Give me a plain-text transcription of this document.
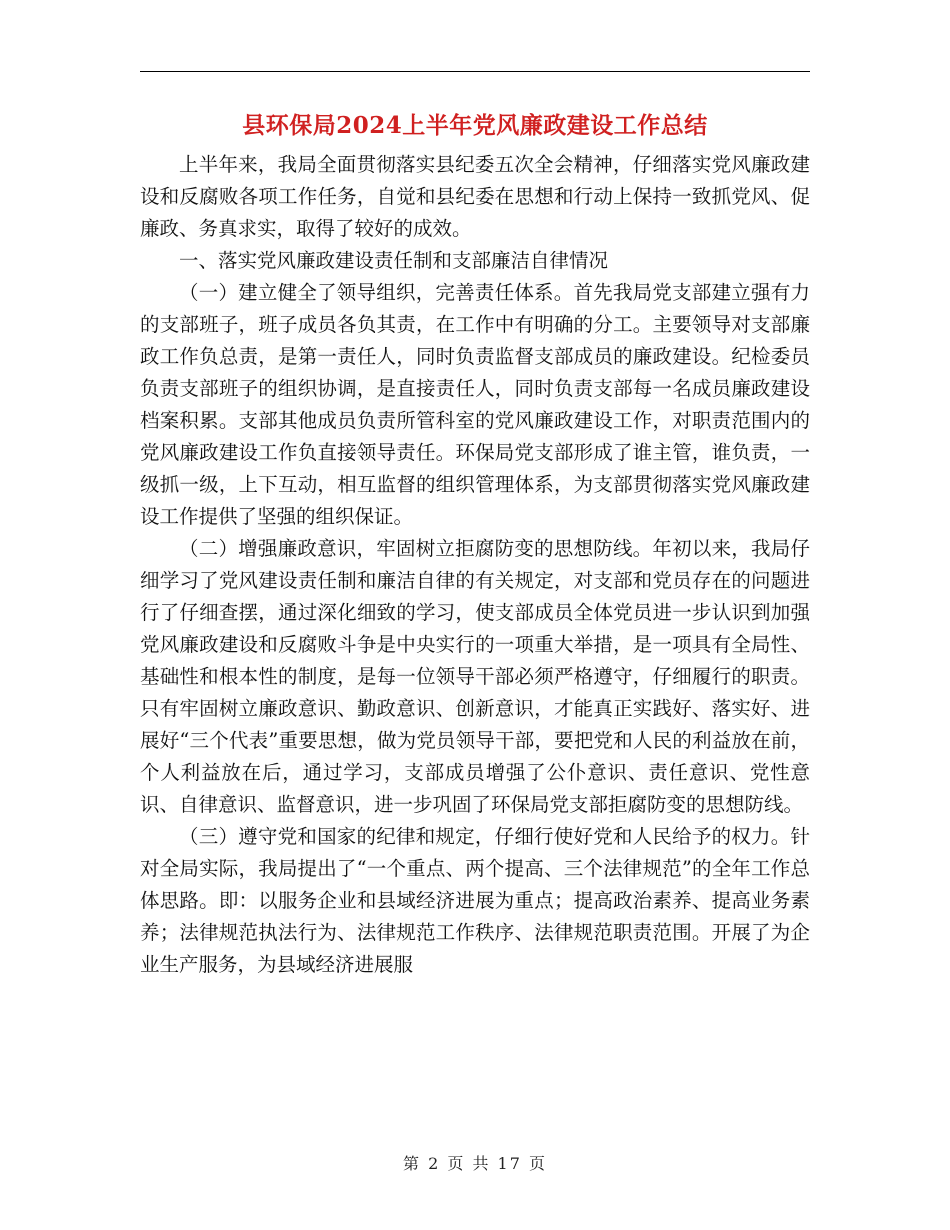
县环保局2024上半年党风廉政建设工作总结

上半年来，我局全面贯彻落实县纪委五次全会精神，仔细落实党风廉政建设和反腐败各项工作任务，自觉和县纪委在思想和行动上保持一致抓党风、促廉政、务真求实，取得了较好的成效。

一、落实党风廉政建设责任制和支部廉洁自律情况

（一）建立健全了领导组织，完善责任体系。首先我局党支部建立强有力的支部班子，班子成员各负其责，在工作中有明确的分工。主要领导对支部廉政工作负总责，是第一责任人，同时负责监督支部成员的廉政建设。纪检委员负责支部班子的组织协调，是直接责任人，同时负责支部每一名成员廉政建设档案积累。支部其他成员负责所管科室的党风廉政建设工作，对职责范围内的党风廉政建设工作负直接领导责任。环保局党支部形成了谁主管，谁负责，一级抓一级，上下互动，相互监督的组织管理体系，为支部贯彻落实党风廉政建设工作提供了坚强的组织保证。

（二）增强廉政意识，牢固树立拒腐防变的思想防线。年初以来，我局仔细学习了党风建设责任制和廉洁自律的有关规定，对支部和党员存在的问题进行了仔细查摆，通过深化细致的学习，使支部成员全体党员进一步认识到加强党风廉政建设和反腐败斗争是中央实行的一项重大举措，是一项具有全局性、基础性和根本性的制度，是每一位领导干部必须严格遵守，仔细履行的职责。只有牢固树立廉政意识、勤政意识、创新意识，才能真正实践好、落实好、进展好“三个代表”重要思想，做为党员领导干部，要把党和人民的利益放在前，个人利益放在后，通过学习，支部成员增强了公仆意识、责任意识、党性意识、自律意识、监督意识，进一步巩固了环保局党支部拒腐防变的思想防线。

（三）遵守党和国家的纪律和规定，仔细行使好党和人民给予的权力。针对全局实际，我局提出了“一个重点、两个提高、三个法律规范”的全年工作总体思路。即：以服务企业和县域经济进展为重点；提高政治素养、提高业务素养；法律规范执法行为、法律规范工作秩序、法律规范职责范围。开展了为企业生产服务，为县域经济进展服

第 2 页 共 17 页
